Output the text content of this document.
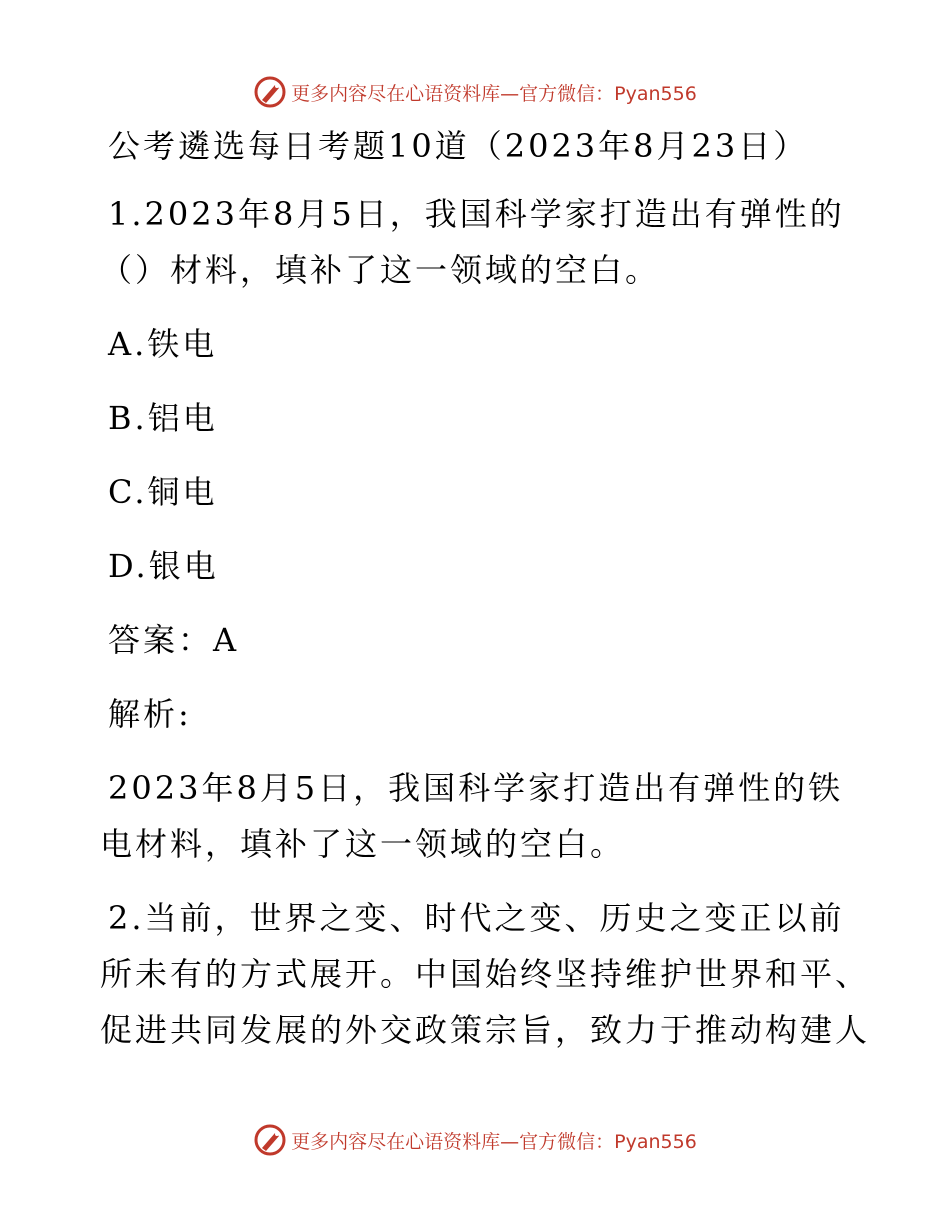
更多内容尽在心语资料库—官方微信：Pyan556

公考遴选每日考题10道（2023年8月23日）

1.2023年8月5日，我国科学家打造出有弹性的

（）材料，填补了这一领域的空白。

A.铁电

B.铝电

C.铜电

D.银电

答案：A

解析:

2023年8月5日，我国科学家打造出有弹性的铁

电材料，填补了这一领域的空白。

2.当前，世界之变、时代之变、历史之变正以前

所未有的方式展开。中国始终坚持维护世界和平、

促进共同发展的外交政策宗旨，致力于推动构建人

更多内容尽在心语资料库—官方微信：Pyan556
